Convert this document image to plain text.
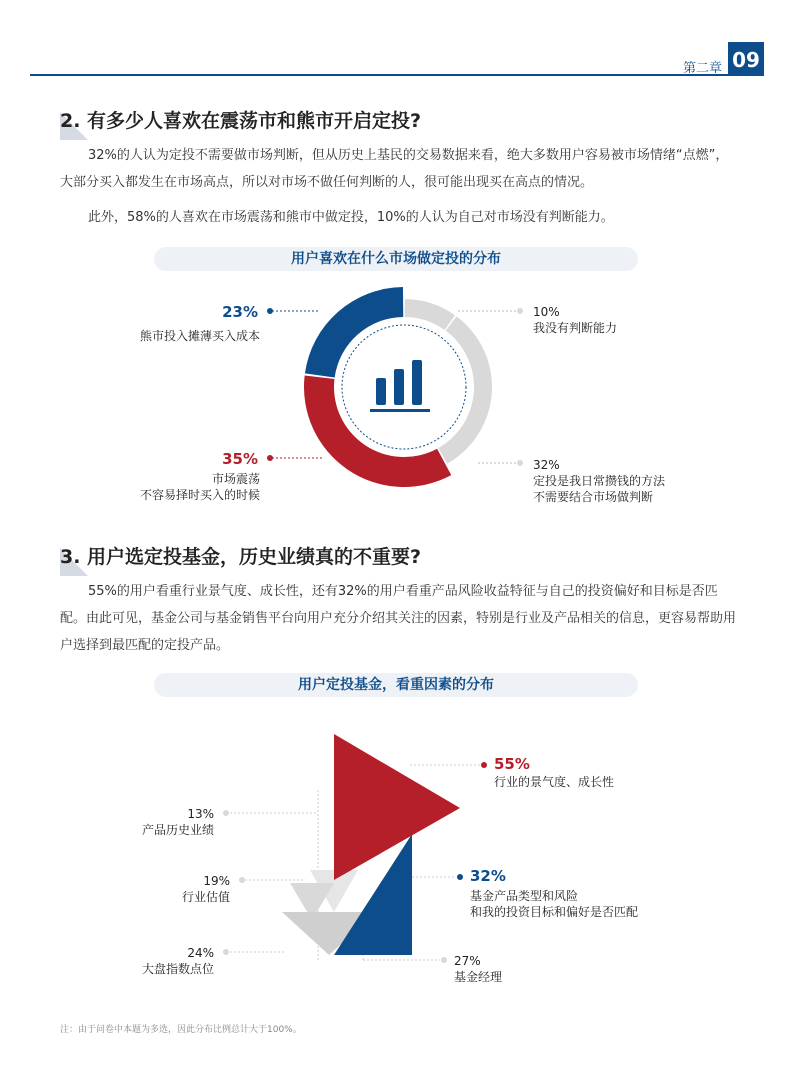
第二章 09
2. 有多少人喜欢在震荡市和熊市开启定投?

32%的人认为定投不需要做市场判断，但从历史上基民的交易数据来看，绝大多数用户容易被市场情绪“点燃”，大部分买入都发生在市场高点，所以对市场不做任何判断的人，很可能出现买在高点的情况。

此外，58%的人喜欢在市场震荡和熊市中做定投，10%的人认为自己对市场没有判断能力。

用户喜欢在什么市场做定投的分布
3. 用户选定投基金，历史业绩真的不重要?

55%的用户看重行业景气度、成长性，还有32%的用户看重产品风险收益特征与自己的投资偏好和目标是否匹配。由此可见，基金公司与基金销售平台向用户充分介绍其关注的因素，特别是行业及产品相关的信息，更容易帮助用户选择到最匹配的定投产品。

用户定投基金，看重因素的分布
23%
熊市投入摊薄买入成本
10%
我没有判断能力
32%
定投是我日常攒钱的方法
不需要结合市场做判断
35%
市场震荡
不容易择时买入的时候
55%
行业的景气度、成长性
32%
基金产品类型和风险
和我的投资目标和偏好是否匹配
27%
基金经理
24%
大盘指数点位
19%
行业估值
13%
产品历史业绩
注：由于问卷中本题为多选，因此分布比例总计大于100%。
